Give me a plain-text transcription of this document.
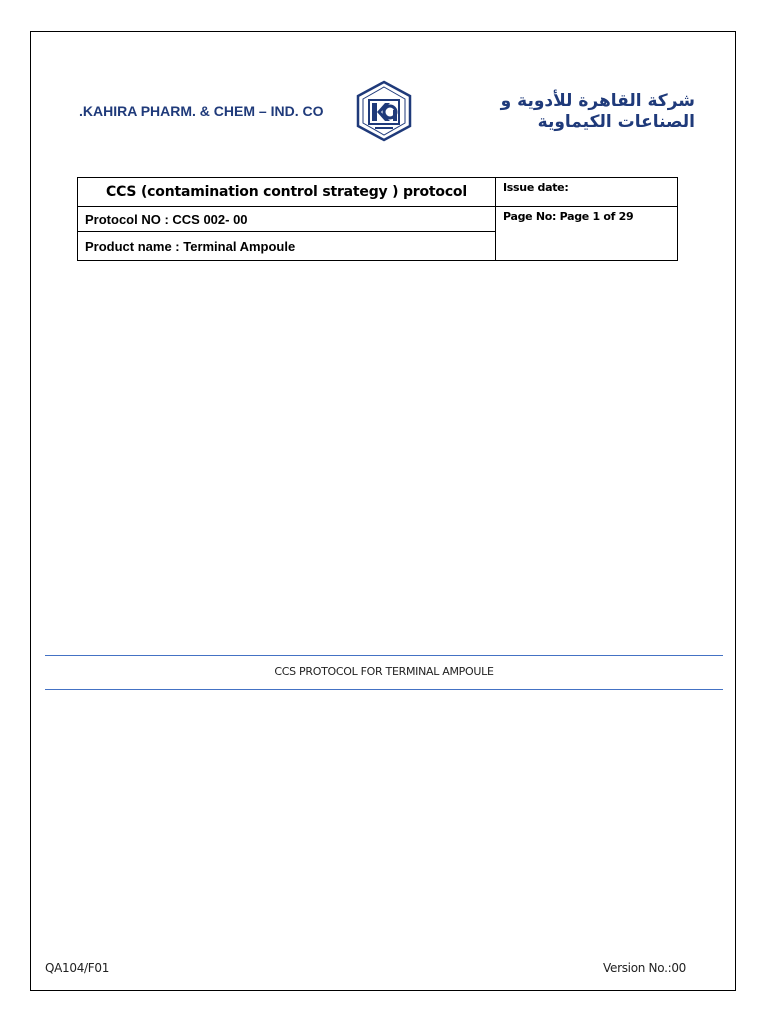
.KAHIRA PHARM. & CHEM – IND. CO	شركة القاهرة للأدوية و
الصناعات الكيماوية
CCS (contamination control strategy ) protocol	Issue date:
Protocol NO : CCS 002- 00	Page No: Page 1 of 29
Product name : Terminal Ampoule	
CCS PROTOCOL FOR TERMINAL AMPOULE
QA104/F01	Version No.:00
